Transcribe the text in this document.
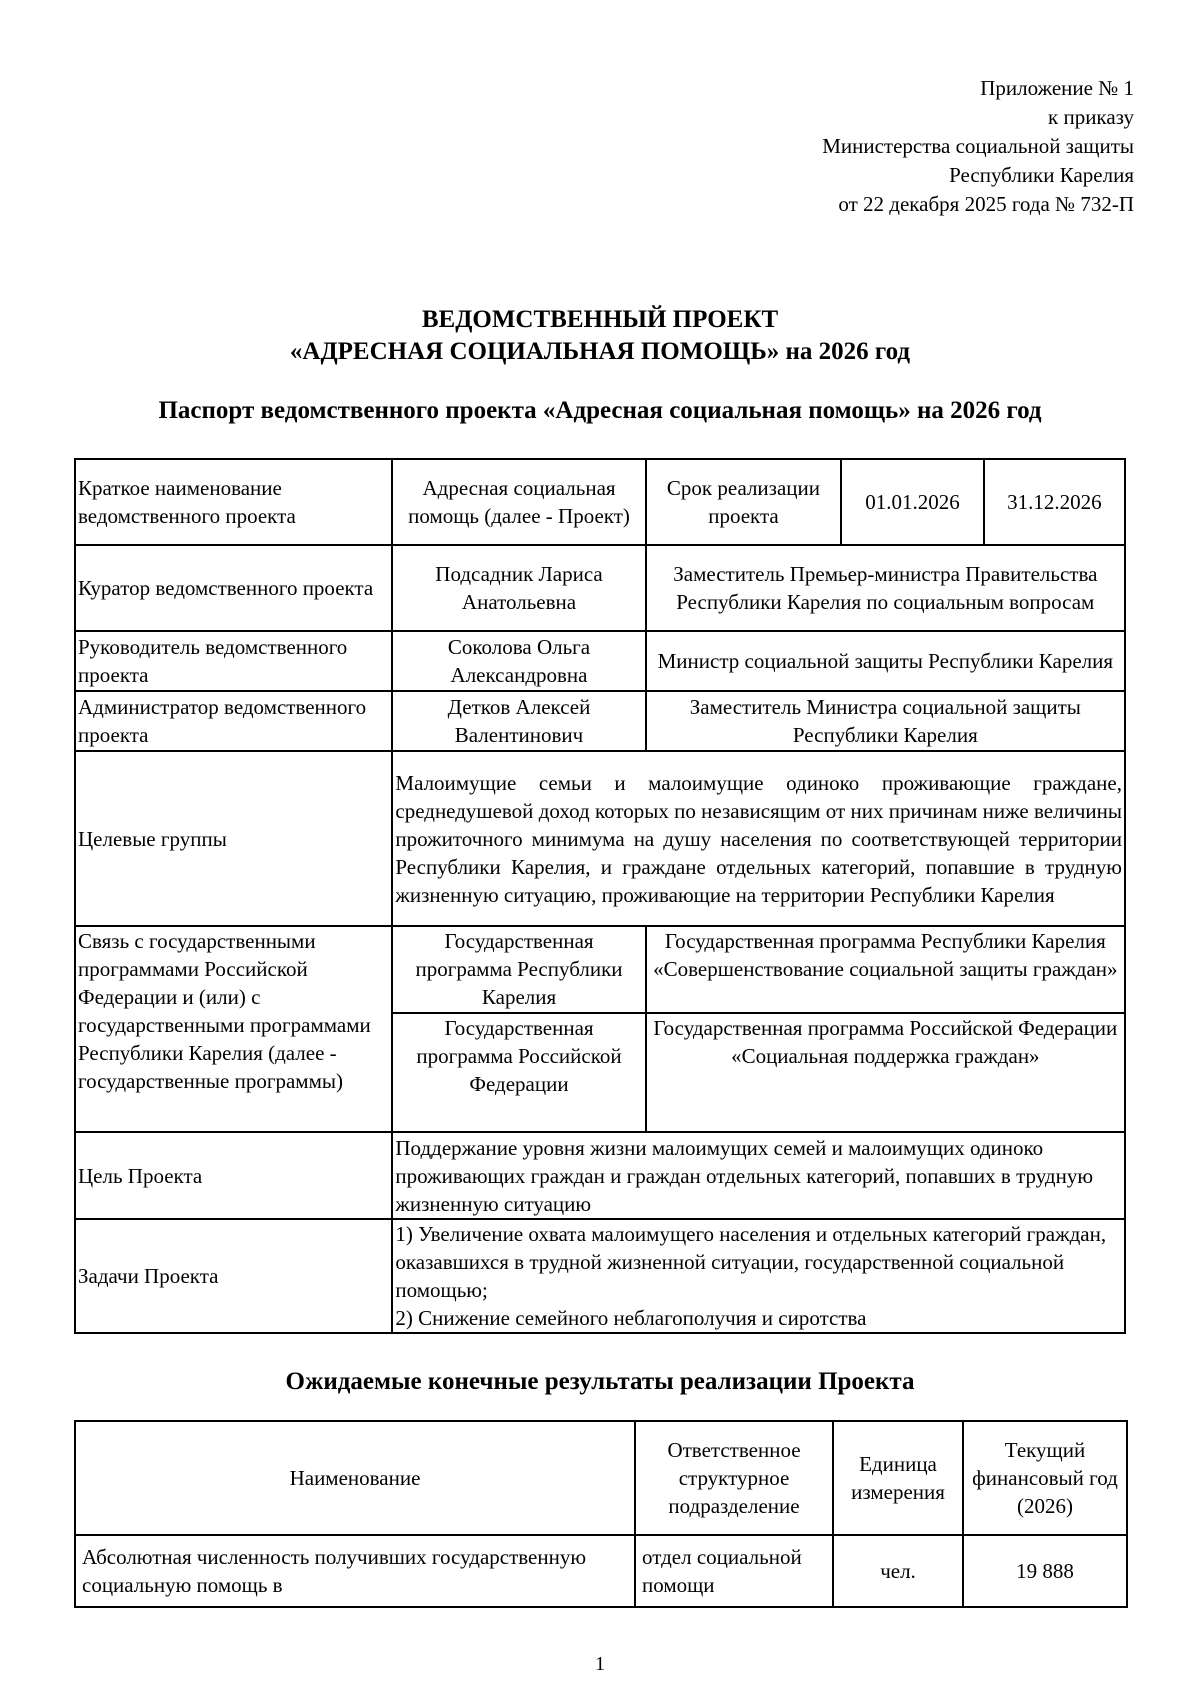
Приложение № 1
к приказу
Министерства социальной защиты
Республики Карелия
от 22 декабря 2025 года № 732-П
ВЕДОМСТВЕННЫЙ ПРОЕКТ
«АДРЕСНАЯ СОЦИАЛЬНАЯ ПОМОЩЬ» на 2026 год
Паспорт ведомственного проекта «Адресная социальная помощь» на 2026 год
Краткое наименование ведомственного проекта	Адресная социальная помощь (далее - Проект)	Срок реализации проекта	01.01.2026	31.12.2026
Куратор ведомственного проекта	Подсадник Лариса Анатольевна	Заместитель Премьер-министра Правительства Республики Карелия по социальным вопросам		
Руководитель ведомственного проекта	Соколова Ольга Александровна	Министр социальной защиты Республики Карелия		
Администратор ведомственного проекта	Детков Алексей Валентинович	Заместитель Министра социальной защиты Республики Карелия		
Целевые группы	Малоимущие семьи и малоимущие одиноко проживающие граждане, среднедушевой доход которых по независящим от них причинам ниже величины прожиточного минимума на душу населения по соответствующей территории Республики Карелия, и граждане отдельных категорий, попавшие в трудную жизненную ситуацию, проживающие на территории Республики Карелия			
Связь с государственными программами Российской Федерации и (или) с государственными программами Республики Карелия (далее - государственные программы)	Государственная программа Республики Карелия	Государственная программа Республики Карелия «Совершенствование социальной защиты граждан»		
	Государственная программа Российской Федерации	Государственная программа Российской Федерации «Социальная поддержка граждан»		
Цель Проекта	Поддержание уровня жизни малоимущих семей и малоимущих одиноко проживающих граждан и граждан отдельных категорий, попавших в трудную жизненную ситуацию			
Задачи Проекта	1) Увеличение охвата малоимущего населения и отдельных категорий граждан, оказавшихся в трудной жизненной ситуации, государственной социальной помощью;
2) Снижение семейного неблагополучия и сиротства			
Ожидаемые конечные результаты реализации Проекта
Наименование	Ответственное структурное подразделение	Единица измерения	Текущий финансовый год (2026)
Абсолютная численность получивших государственную социальную помощь в	отдел социальной помощи	чел.	19 888
1
